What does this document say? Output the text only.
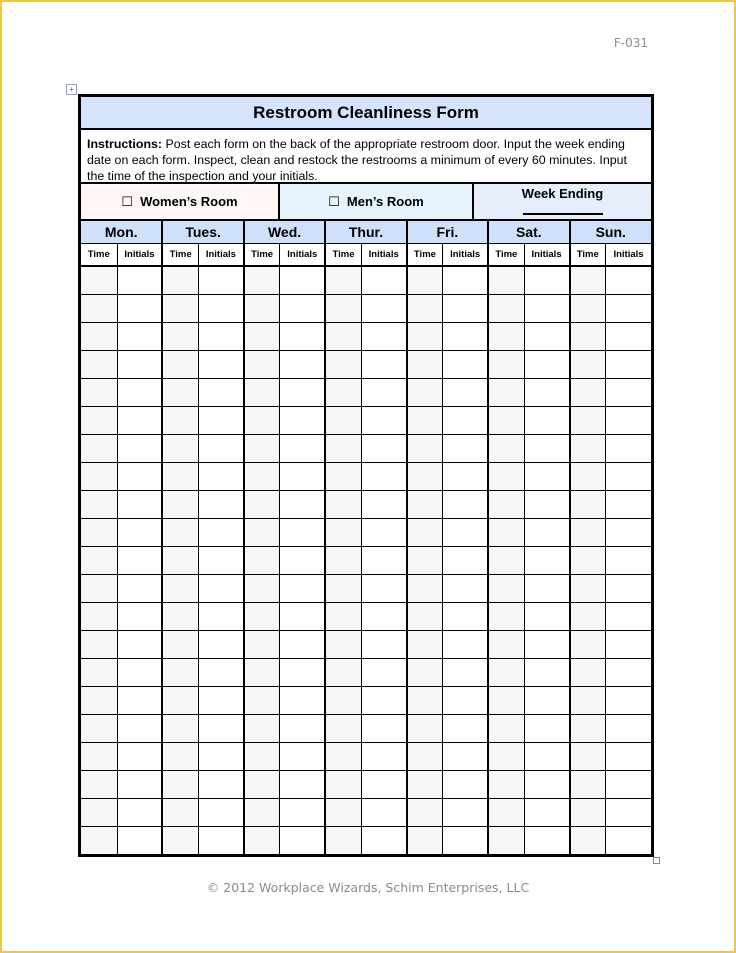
F-031
+
Restroom Cleanliness Form
Instructions: Post each form on the back of the appropriate restroom door. Input the week ending date on each form. Inspect, clean and restock the restrooms a minimum of every 60 minutes. Input the time of the inspection and your initials.
☐ Women’s Room	☐ Men’s Room
Week Ending
Mon.		Tues.		Wed.		Thur.		Fri.		Sat.		Sun.	
Time	Initials	Time	Initials	Time	Initials	Time	Initials	Time	Initials	Time	Initials	Time	Initials

© 2012 Workplace Wizards, Schim Enterprises, LLC
